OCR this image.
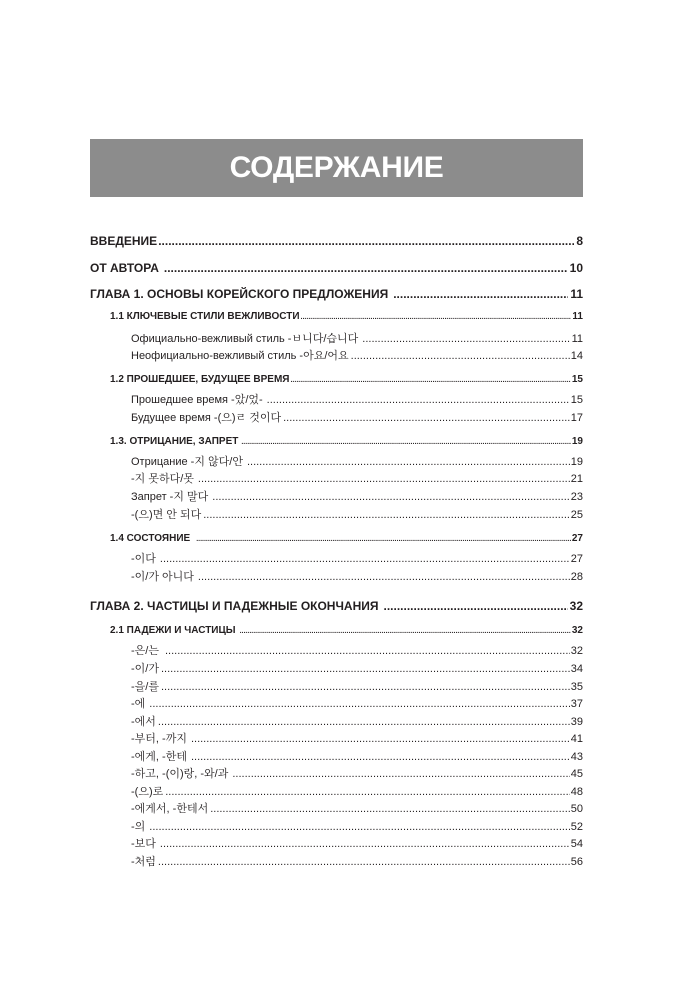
СОДЕРЖАНИЕ
ВВЕДЕНИЕ .....	8
ОТ АВТОРА .....	10
ГЛАВА 1. ОСНОВЫ КОРЕЙСКОГО ПРЕДЛОЖЕНИЯ .....	11
1.1 КЛЮЧЕВЫЕ СТИЛИ ВЕЖЛИВОСТИ .....	11
Официально-вежливый стиль -ㅂ니다/습니다 .....	11
Неофициально-вежливый стиль -아요/어요 .....	14
1.2 ПРОШЕДШЕЕ, БУДУЩЕЕ ВРЕМЯ .....	15
Прошедшее время -았/었- .....	15
Будущее время -(으)ㄹ 것이다 .....	17
1.3. ОТРИЦАНИЕ, ЗАПРЕТ .....	19
Отрицание -지 않다/안 .....	19
-지 못하다/못 .....	21
Запрет -지 말다 .....	23
-(으)면 안 되다 .....	25
1.4 СОСТОЯНИЕ .....	27
-이다 .....	27
-이/가 아니다 .....	28
ГЛАВА 2. ЧАСТИЦЫ И ПАДЕЖНЫЕ ОКОНЧАНИЯ .....	32
2.1 ПАДЕЖИ И ЧАСТИЦЫ .....	32
-은/는 .....	32
-이/가 .....	34
-을/를 .....	35
-에 .....	37
-에서 .....	39
-부터, -까지 .....	41
-에게, -한테 .....	43
-하고, -(이)랑, -와/과 .....	45
-(으)로 .....	48
-에게서, -한테서 .....	50
-의 .....	52
-보다 .....	54
-처럼 .....	56
